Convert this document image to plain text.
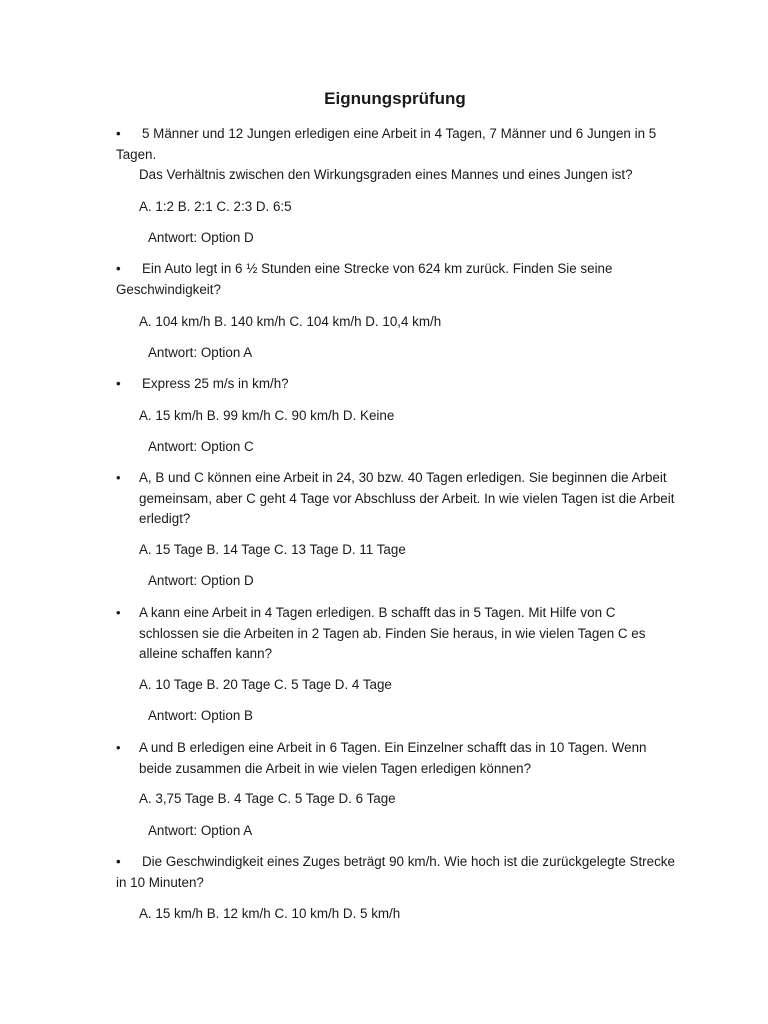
Eignungsprüfung
• 5 Männer und 12 Jungen erledigen eine Arbeit in 4 Tagen, 7 Männer und 6 Jungen in 5 Tagen.
Das Verhältnis zwischen den Wirkungsgraden eines Mannes und eines Jungen ist?
A. 1:2 B. 2:1 C. 2:3 D. 6:5
Antwort: Option D
• Ein Auto legt in 6 ½ Stunden eine Strecke von 624 km zurück. Finden Sie seine Geschwindigkeit?
A. 104 km/h B. 140 km/h C. 104 km/h D. 10,4 km/h
Antwort: Option A
• Express 25 m/s in km/h?
A. 15 km/h B. 99 km/h C. 90 km/h D. Keine
Antwort: Option C
• A, B und C können eine Arbeit in 24, 30 bzw. 40 Tagen erledigen. Sie beginnen die Arbeit gemeinsam, aber C geht 4 Tage vor Abschluss der Arbeit. In wie vielen Tagen ist die Arbeit erledigt?
A. 15 Tage B. 14 Tage C. 13 Tage D. 11 Tage
Antwort: Option D
• A kann eine Arbeit in 4 Tagen erledigen. B schafft das in 5 Tagen. Mit Hilfe von C schlossen sie die Arbeiten in 2 Tagen ab. Finden Sie heraus, in wie vielen Tagen C es alleine schaffen kann?
A. 10 Tage B. 20 Tage C. 5 Tage D. 4 Tage
Antwort: Option B
• A und B erledigen eine Arbeit in 6 Tagen. Ein Einzelner schafft das in 10 Tagen. Wenn beide zusammen die Arbeit in wie vielen Tagen erledigen können?
A. 3,75 Tage B. 4 Tage C. 5 Tage D. 6 Tage
Antwort: Option A
• Die Geschwindigkeit eines Zuges beträgt 90 km/h. Wie hoch ist die zurückgelegte Strecke in 10 Minuten?
A. 15 km/h B. 12 km/h C. 10 km/h D. 5 km/h
